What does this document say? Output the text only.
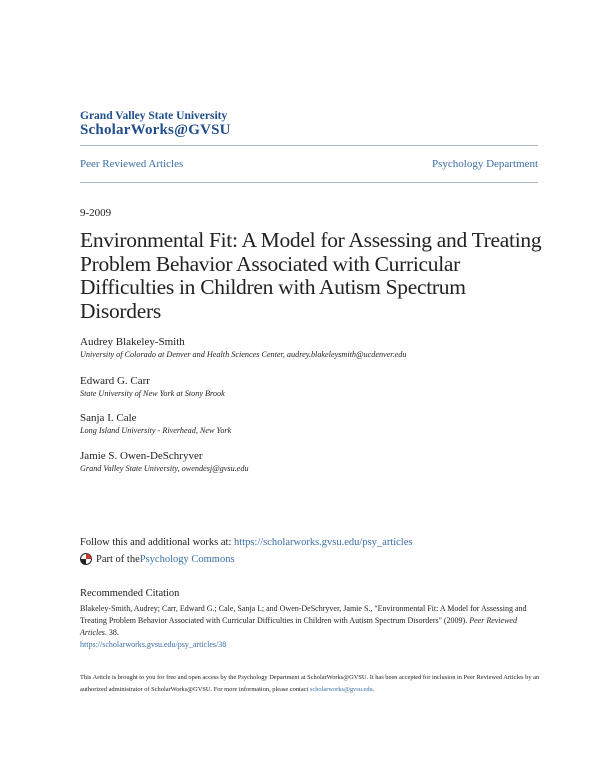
Grand Valley State University
ScholarWorks@GVSU
Peer Reviewed Articles	Psychology Department
9-2009
Environmental Fit: A Model for Assessing and Treating Problem Behavior Associated with Curricular Difficulties in Children with Autism Spectrum Disorders
Audrey Blakeley-Smith
University of Colorado at Denver and Health Sciences Center, audrey.blakeleysmith@ucdenver.edu
Edward G. Carr
State University of New York at Stony Brook
Sanja I. Cale
Long Island University - Riverhead, New York
Jamie S. Owen-DeSchryver
Grand Valley State University, owendesj@gvsu.edu
Follow this and additional works at: https://scholarworks.gvsu.edu/psy_articles
Part of the Psychology Commons
Recommended Citation
Blakeley-Smith, Audrey; Carr, Edward G.; Cale, Sanja I.; and Owen-DeSchryver, Jamie S., "Environmental Fit: A Model for Assessing and Treating Problem Behavior Associated with Curricular Difficulties in Children with Autism Spectrum Disorders" (2009). Peer Reviewed Articles. 38.
https://scholarworks.gvsu.edu/psy_articles/38
This Article is brought to you for free and open access by the Psychology Department at ScholarWorks@GVSU. It has been accepted for inclusion in Peer Reviewed Articles by an authorized administrator of ScholarWorks@GVSU. For more information, please contact scholarworks@gvsu.edu.
